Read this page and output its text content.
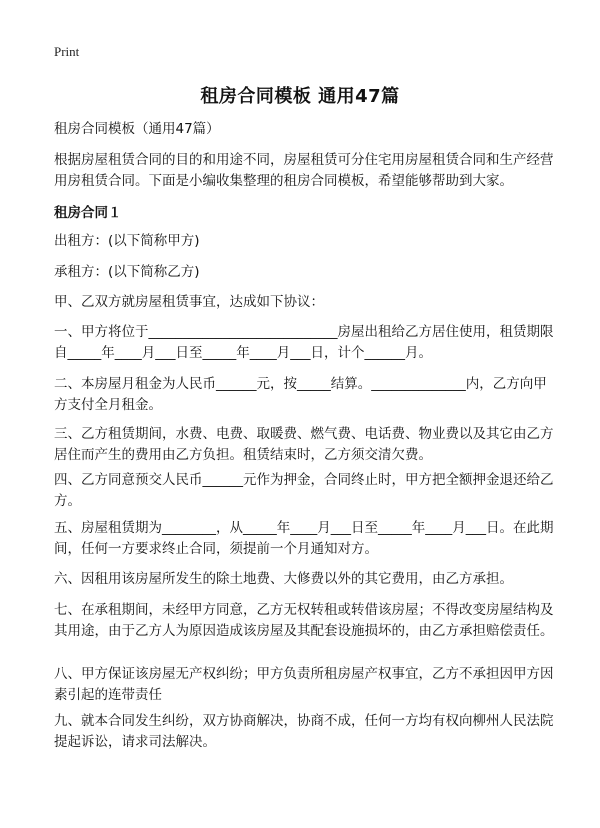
Print
租房合同模板 通用47篇
租房合同模板（通用47篇）
根据房屋租赁合同的目的和用途不同，房屋租赁可分住宅用房屋租赁合同和生产经营用房租赁合同。下面是小编收集整理的租房合同模板，希望能够帮助到大家。
租房合同１
出租方：(以下简称甲方)
承租方：(以下简称乙方)
甲、乙双方就房屋租赁事宜，达成如下协议：
一、甲方将位于____________________________房屋出租给乙方居住使用，租赁期限自_____年____月___日至_____年____月___日，计个______月。
二、本房屋月租金为人民币______元，按_____结算。______________内，乙方向甲方支付全月租金。
三、乙方租赁期间，水费、电费、取暖费、燃气费、电话费、物业费以及其它由乙方居住而产生的费用由乙方负担。租赁结束时，乙方须交清欠费。
四、乙方同意预交人民币______元作为押金，合同终止时，甲方把全额押金退还给乙方。
五、房屋租赁期为________，从_____年____月___日至_____年____月___日。在此期间，任何一方要求终止合同，须提前一个月通知对方。
六、因租用该房屋所发生的除土地费、大修费以外的其它费用，由乙方承担。
七、在承租期间，未经甲方同意，乙方无权转租或转借该房屋；不得改变房屋结构及其用途，由于乙方人为原因造成该房屋及其配套设施损坏的，由乙方承担赔偿责任。
八、甲方保证该房屋无产权纠纷；甲方负责所租房屋产权事宜，乙方不承担因甲方因素引起的连带责任
九、就本合同发生纠纷，双方协商解决，协商不成，任何一方均有权向柳州人民法院提起诉讼，请求司法解决。
